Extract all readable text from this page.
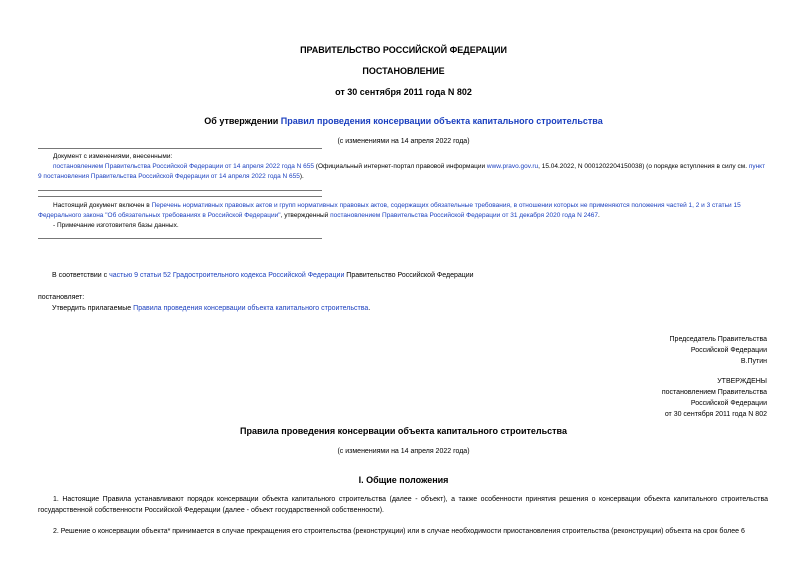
ПРАВИТЕЛЬСТВО РОССИЙСКОЙ ФЕДЕРАЦИИ
ПОСТАНОВЛЕНИЕ
от 30 сентября 2011 года N 802
Об утверждении Правил проведения консервации объекта капитального строительства
(с изменениями на 14 апреля 2022 года)
Документ с изменениями, внесенными:
постановлением Правительства Российской Федерации от 14 апреля 2022 года N 655 (Официальный интернет-портал правовой информации www.pravo.gov.ru, 15.04.2022, N 0001202204150038) (о порядке вступления в силу см. пункт 9 постановления Правительства Российской Федерации от 14 апреля 2022 года N 655).
Настоящий документ включен в Перечень нормативных правовых актов и групп нормативных правовых актов, содержащих обязательные требования, в отношении которых не применяются положения частей 1, 2 и 3 статьи 15 Федерального закона "Об обязательных требованиях в Российской Федерации", утвержденный постановлением Правительства Российской Федерации от 31 декабря 2020 года N 2467.
- Примечание изготовителя базы данных.
В соответствии с частью 9 статьи 52 Градостроительного кодекса Российской Федерации Правительство Российской Федерации
постановляет:
Утвердить прилагаемые Правила проведения консервации объекта капитального строительства.
Председатель Правительства
Российской Федерации
В.Путин
УТВЕРЖДЕНЫ
постановлением Правительства
Российской Федерации
от 30 сентября 2011 года N 802
Правила проведения консервации объекта капитального строительства
(с изменениями на 14 апреля 2022 года)
I. Общие положения
1. Настоящие Правила устанавливают порядок консервации объекта капитального строительства (далее - объект), а также особенности принятия решения о консервации объекта капитального строительства государственной собственности Российской Федерации (далее - объект государственной собственности).
2. Решение о консервации объекта* принимается в случае прекращения его строительства (реконструкции) или в случае необходимости приостановления строительства (реконструкции) объекта на срок более 6
